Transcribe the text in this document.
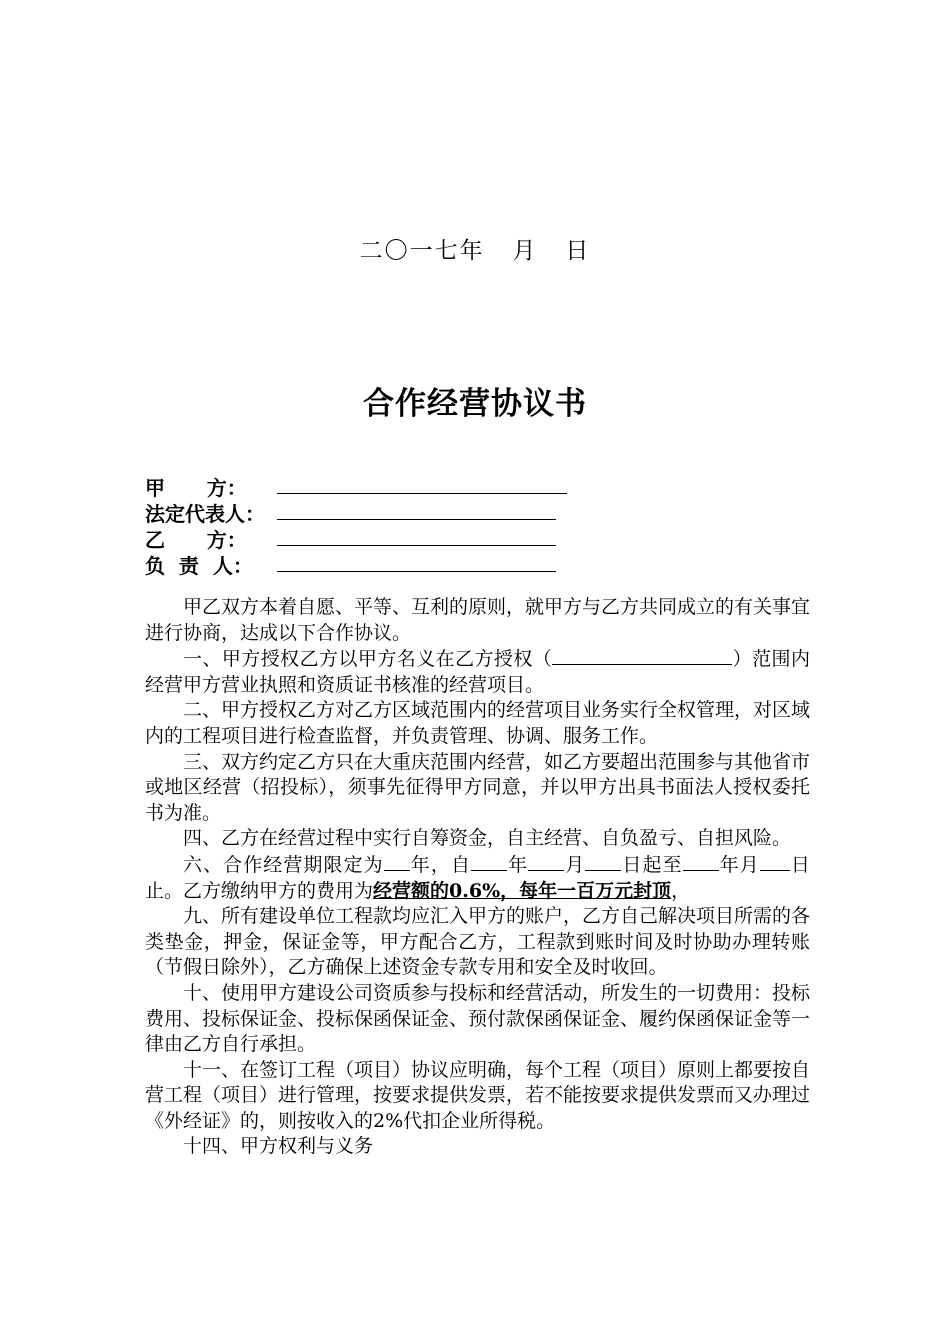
二〇一七年   月   日
合作经营协议书
甲      方：
法定代表人：
乙      方：
负  责  人：

甲乙双方本着自愿、平等、互利的原则，就甲方与乙方共同成立的有关事宜进行协商，达成以下合作协议。

一、甲方授权乙方以甲方名义在乙方授权（	）范围内经营甲方营业执照和资质证书核准的经营项目。

二、甲方授权乙方对乙方区域范围内的经营项目业务实行全权管理，对区域内的工程项目进行检查监督，并负责管理、协调、服务工作。

三、双方约定乙方只在大重庆范围内经营，如乙方要超出范围参与其他省市或地区经营（招投标），须事先征得甲方同意，并以甲方出具书面法人授权委托书为准。

四、乙方在经营过程中实行自筹资金，自主经营、自负盈亏、自担风险。

六、合作经营期限定为 年，自 年 月 日起至 年月 日止。乙方缴纳甲方的费用为经营额的0.6%，每年一百万元封顶，

九、所有建设单位工程款均应汇入甲方的账户，乙方自己解决项目所需的各类垫金，押金，保证金等，甲方配合乙方，工程款到账时间及时协助办理转账（节假日除外），乙方确保上述资金专款专用和安全及时收回。

十、使用甲方建设公司资质参与投标和经营活动，所发生的一切费用：投标费用、投标保证金、投标保函保证金、预付款保函保证金、履约保函保证金等一律由乙方自行承担。

十一、在签订工程（项目）协议应明确，每个工程（项目）原则上都要按自营工程（项目）进行管理，按要求提供发票，若不能按要求提供发票而又办理过《外经证》的，则按收入的2%代扣企业所得税。

十四、甲方权利与义务
